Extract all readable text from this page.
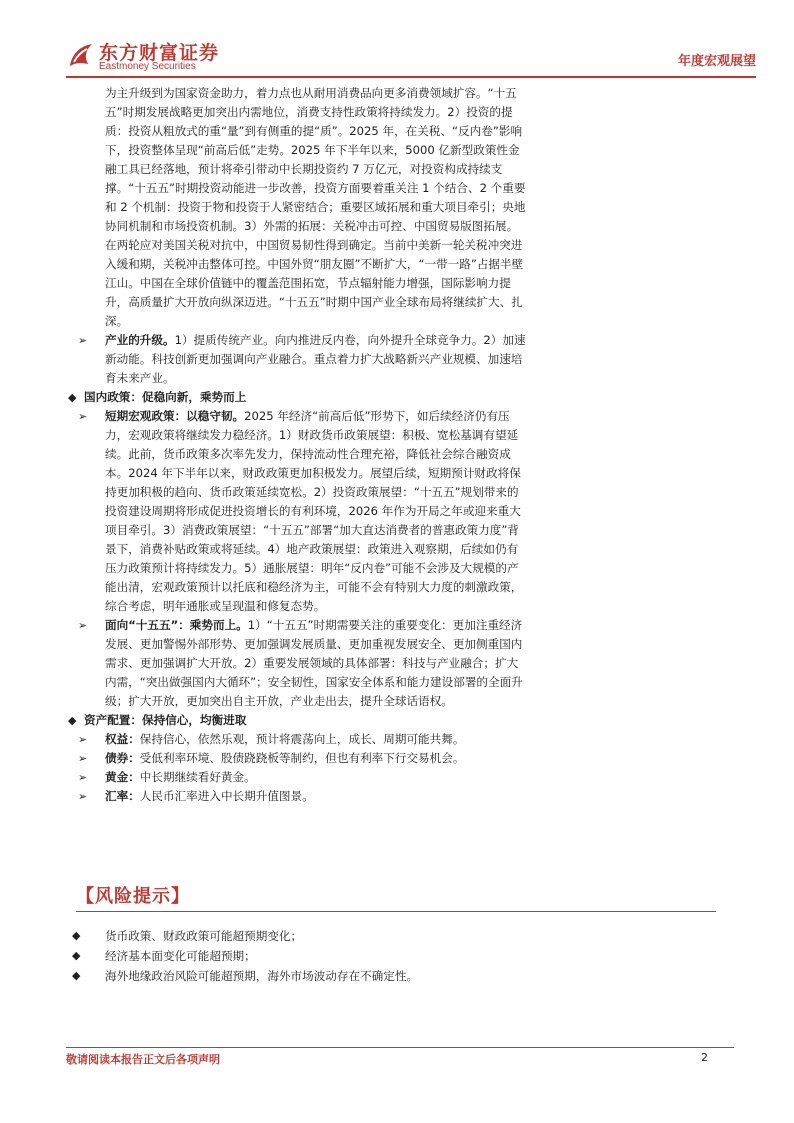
东方财富证券
Eastmoney Securities	年度宏观展望

为主升级到为国家资金助力，着力点也从耐用消费品向更多消费领域扩容。“十五五”时期发展战略更加突出内需地位，消费支持性政策将持续发力。2）投资的提质：投资从粗放式的重“量”到有侧重的提“质”。2025 年，在关税、“反内卷”影响下，投资整体呈现“前高后低”走势。2025 年下半年以来，5000 亿新型政策性金融工具已经落地，预计将牵引带动中长期投资约 7 万亿元，对投资构成持续支撑。“十五五”时期投资动能进一步改善，投资方面要着重关注 1 个结合、2 个重要和 2 个机制：投资于物和投资于人紧密结合；重要区域拓展和重大项目牵引；央地协同机制和市场投资机制。3）外需的拓展：关税冲击可控、中国贸易版图拓展。在两轮应对美国关税对抗中，中国贸易韧性得到确定。当前中美新一轮关税冲突进入缓和期，关税冲击整体可控。中国外贸“朋友圈”不断扩大，“一带一路”占据半壁江山。中国在全球价值链中的覆盖范围拓宽，节点辐射能力增强，国际影响力提升，高质量扩大开放向纵深迈进。“十五五”时期中国产业全球布局将继续扩大、扎深。

➢ 产业的升级。1）提质传统产业。向内推进反内卷，向外提升全球竞争力。2）加速新动能。科技创新更加强调向产业融合。重点着力扩大战略新兴产业规模、加速培育未来产业。

◆ 国内政策：促稳向新，乘势而上

➢ 短期宏观政策：以稳守韧。2025 年经济“前高后低”形势下，如后续经济仍有压力，宏观政策将继续发力稳经济。1）财政货币政策展望：积极、宽松基调有望延续。此前，货币政策多次率先发力，保持流动性合理充裕，降低社会综合融资成本。2024 年下半年以来，财政政策更加积极发力。展望后续，短期预计财政将保持更加积极的趋向、货币政策延续宽松。2）投资政策展望：“十五五”规划带来的投资建设周期将形成促进投资增长的有利环境，2026 年作为开局之年或迎来重大项目牵引。3）消费政策展望：“十五五”部署“加大直达消费者的普惠政策力度”背景下，消费补贴政策或将延续。4）地产政策展望：政策进入观察期，后续如仍有压力政策预计将持续发力。5）通胀展望：明年“反内卷”可能不会涉及大规模的产能出清，宏观政策预计以托底和稳经济为主，可能不会有特别大力度的刺激政策，综合考虑，明年通胀或呈现温和修复态势。

➢ 面向“十五五”：乘势而上。1）“十五五”时期需要关注的重要变化：更加注重经济发展、更加警惕外部形势、更加强调发展质量、更加重视发展安全、更加侧重国内需求、更加强调扩大开放。2）重要发展领域的具体部署：科技与产业融合；扩大内需，“突出做强国内大循环”；安全韧性，国家安全体系和能力建设部署的全面升级；扩大开放，更加突出自主开放，产业走出去，提升全球话语权。

◆ 资产配置：保持信心，均衡进取

➢ 权益：保持信心，依然乐观，预计将震荡向上，成长、周期可能共舞。

➢ 债券：受低利率环境、股债跷跷板等制约，但也有利率下行交易机会。

➢ 黄金：中长期继续看好黄金。

➢ 汇率：人民币汇率进入中长期升值图景。

【风险提示】
◆ 货币政策、财政政策可能超预期变化；
◆ 经济基本面变化可能超预期；
◆ 海外地缘政治风险可能超预期，海外市场波动存在不确定性。
敬请阅读本报告正文后各项声明	2
